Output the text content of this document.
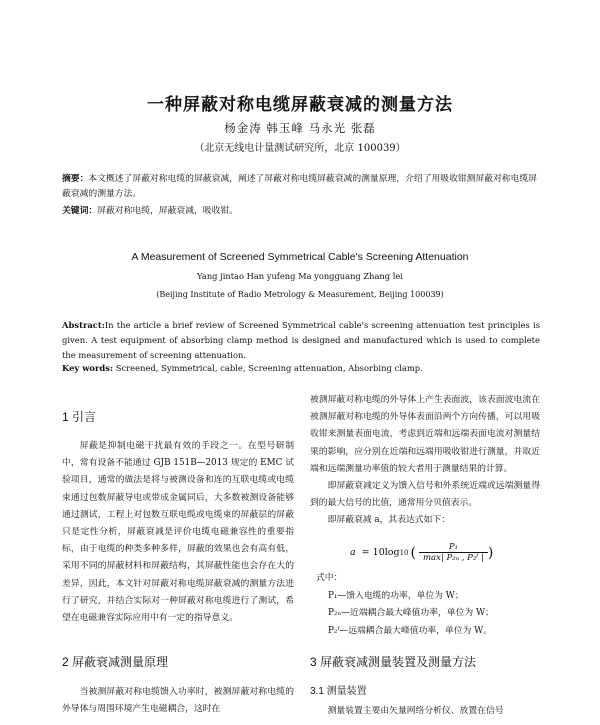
一种屏蔽对称电缆屏蔽衰减的测量方法
杨金涛 韩玉峰 马永光 张磊
（北京无线电计量测试研究所，北京 100039）
摘要：本文概述了屏蔽对称电缆的屏蔽衰减，阐述了屏蔽对称电缆屏蔽衰减的测量原理，介绍了用吸收钳测屏蔽对称电缆屏蔽衰减的测量方法。
关键词：屏蔽对称电缆，屏蔽衰减，吸收钳。
A Measurement of Screened Symmetrical Cable's Screening Attenuation
Yang jintao Han yufeng Ma yongguang Zhang lei
(Beijing Institute of Radio Metrology & Measurement, Beijing 100039)
Abstract:In the article a brief review of Screened Symmetrical cable's screening attenuation test principles is given. A test equipment of absorbing clamp method is designed and manufactured which is used to complete the measurement of screening attenuation.
Key words: Screened, Symmetrical, cable, Screening attenuation, Absorbing clamp.
1 引言

屏蔽是抑制电磁干扰最有效的手段之一。在型号研制中，常有设备不能通过 GJB 151B—2013 规定的 EMC 试验项目，通常的做法是将与被测设备和连的互联电缆或电缆束通过包数屏蔽导电或带成金属同后，大多数被测设备能够通过测试，工程上对包数互联电缆或电缆束的屏蔽层的屏蔽只是定性分析，屏蔽衰减是评价电缆电磁兼容性的重要指标，由于电缆的种类多种多样，屏蔽的效果也会有高有低，采用不同的屏蔽材料和屏蔽结构，其屏蔽性能也会存在大的差异，因此，本文针对屏蔽对称电缆屏蔽衰减的测量方法进行了研究，并结合实际对一种屏蔽对称电缆进行了测试，希望在电磁兼容实际应用中有一定的指导意义。

2 屏蔽衰减测量原理

当被测屏蔽对称电缆馈入功率时，被测屏蔽对称电缆的外导体与周围环境产生电磁耦合，这时在

被测屏蔽对称电缆的外导体上产生表面波，该表面波电流在被测屏蔽对称电缆的外导体表面沿两个方向传播，可以用吸收钳来测量表面电流，考虑到近端和远端表面电流对测量结果的影响，应分别在近端和远端用吸收钳进行测量，并取近端和远端测量功率值的较大者用于测量结果的计算。

即屏蔽衰减定义为馈入信号和外系统近端或远端测量得到的最大信号的比值，通常用分贝值表示。

即屏蔽衰减 a，其表达式如下：

a = 10log 10 ( $\frac{\text{P₁}}{\text{max| P₂ₙ , P₂ᶠ |}}$ )
式中：
P₁—馈入电缆的功率，单位为 W；
P₂ₙ—近端耦合最大峰值功率，单位为 W；
P₂ᶠ—远端耦合最大峰值功率，单位为 W。
3 屏蔽衰减测量装置及测量方法
3.1 测量装置

测量装置主要由矢量网络分析仪、放置在信号
